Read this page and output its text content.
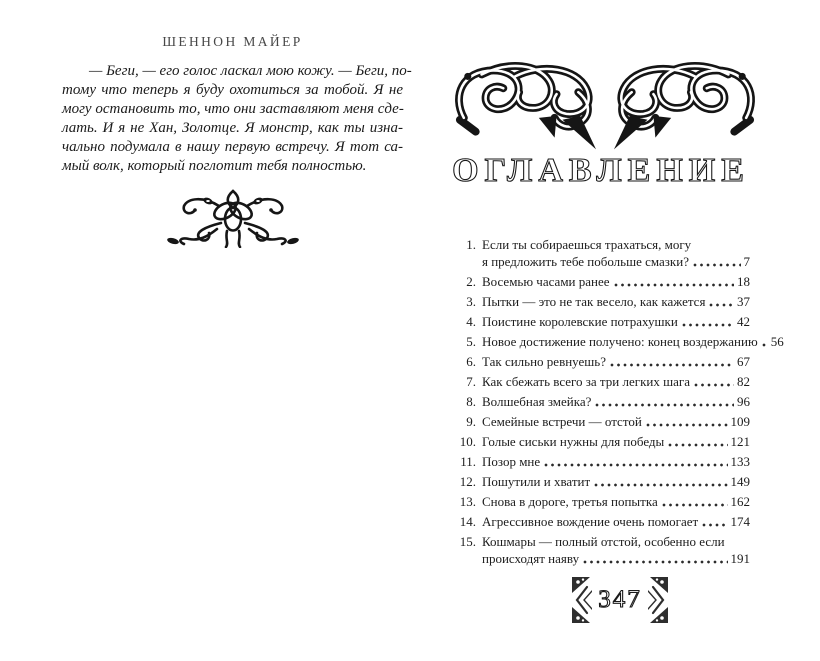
ШЕННОН МАЙЕР
— Беги, — его голос ласкал мою кожу. — Беги, по-
тому что теперь я буду охотиться за тобой. Я не
могу остановить то, что они заставляют меня сде-
лать. И я не Хан, Золотце. Я монстр, как ты изна-
чально подумала в нашу первую встречу. Я тот са-
мый волк, который поглотит тебя полностью.	ОГЛАВЛЕНИЕ
1. Если ты собираешься трахаться, могу
я предложить тебе побольше смазки?	7
2. Восемью часами ранее	18
3. Пытки — это не так весело, как кажется 37
4. Поистине королевские потрахушки	42
5. Новое достижение получено: конец воздержанию 56
6. Так сильно ревнуешь?	67
7. Как сбежать всего за три легких шага	82
8. Волшебная змейка?	96
9. Семейные встречи — отстой	109
10. Голые сиськи нужны для победы	121
11. Позор мне	133
12. Пошутили и хватит	149
13. Снова в дороге, третья попытка	162
14. Агрессивное вождение очень помогает 174
15. Кошмары — полный отстой, особенно если
происходят наяву	191
347
